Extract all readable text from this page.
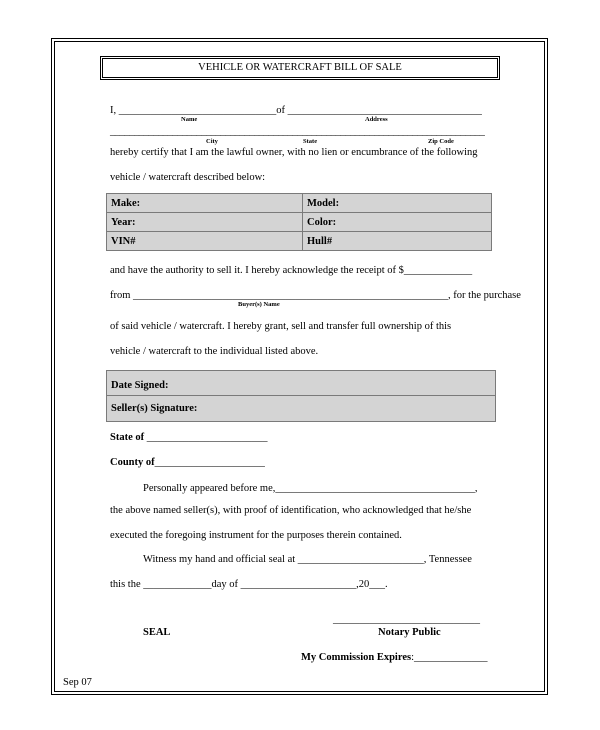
VEHICLE OR WATERCRAFT BILL OF SALE
I, ______________________________of _____________________________________
Name	Address
______________________________________________________________________________
City	State	Zip Code
hereby certify that I am the lawful owner, with no lien or encumbrance of the following
vehicle / watercraft described below:
Make:	Model:
Year:	Color:
VIN#	Hull#
and have the authority to sell it. I hereby acknowledge the receipt of $_____________
from ____________________________________________________________, for the purchase
Buyer(s) Name
of said vehicle / watercraft. I hereby grant, sell and transfer full ownership of this
vehicle / watercraft to the individual listed above.
Date Signed:
Seller(s) Signature:
State of _______________________
County of_____________________
Personally appeared before me,______________________________________,
the above named seller(s), with proof of identification, who acknowledged that he/she
executed the foregoing instrument for the purposes therein contained.
Witness my hand and official seal at ________________________, Tennessee
this the _____________day of ______________________,20___.
____________________________
SEAL	Notary Public
My Commission Expires:______________
Sep 07
